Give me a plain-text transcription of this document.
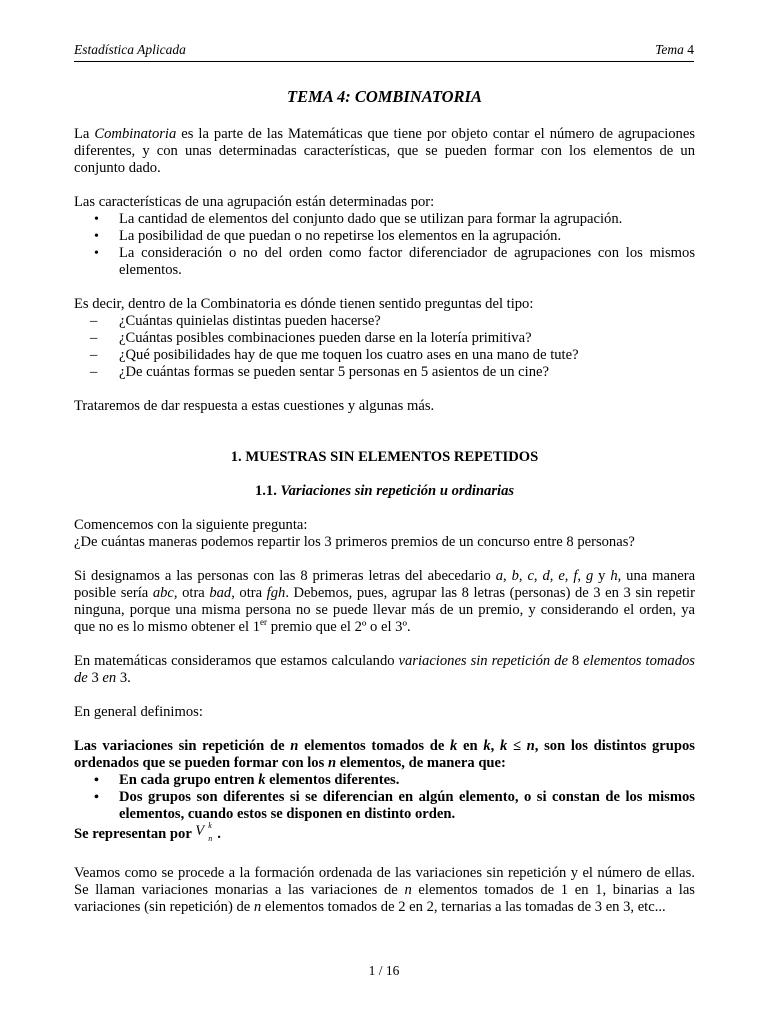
Estadística Aplicada	Tema 4
TEMA 4: COMBINATORIA

La Combinatoria es la parte de las Matemáticas que tiene por objeto contar el número de agrupaciones diferentes, y con unas determinadas características, que se pueden formar con los elementos de un conjunto dado.

Las características de una agrupación están determinadas por:

• La cantidad de elementos del conjunto dado que se utilizan para formar la agrupación.
• La posibilidad de que puedan o no repetirse los elementos en la agrupación.
• La consideración o no del orden como factor diferenciador de agrupaciones con los mismos elementos.

Es decir, dentro de la Combinatoria es dónde tienen sentido preguntas del tipo:

– ¿Cuántas quinielas distintas pueden hacerse?
– ¿Cuántas posibles combinaciones pueden darse en la lotería primitiva?
– ¿Qué posibilidades hay de que me toquen los cuatro ases en una mano de tute?
– ¿De cuántas formas se pueden sentar 5 personas en 5 asientos de un cine?

Trataremos de dar respuesta a estas cuestiones y algunas más.

1. MUESTRAS SIN ELEMENTOS REPETIDOS
1.1. Variaciones sin repetición u ordinarias

Comencemos con la siguiente pregunta:
¿De cuántas maneras podemos repartir los 3 primeros premios de un concurso entre 8 personas?

Si designamos a las personas con las 8 primeras letras del abecedario a, b, c, d, e, f, g y h, una manera posible sería abc, otra bad, otra fgh. Debemos, pues, agrupar las 8 letras (personas) de 3 en 3 sin repetir ninguna, porque una misma persona no se puede llevar más de un premio, y considerando el orden, ya que no es lo mismo obtener el 1er premio que el 2º o el 3º.

En matemáticas consideramos que estamos calculando variaciones sin repetición de 8 elementos tomados de 3 en 3.

En general definimos:

Las variaciones sin repetición de n elementos tomados de k en k, k ≤ n, son los distintos grupos ordenados que se pueden formar con los n elementos, de manera que:

• En cada grupo entren k elementos diferentes.
• Dos grupos son diferentes si se diferencian en algún elemento, o si constan de los mismos elementos, cuando estos se disponen en distinto orden.

Se representan por V k
n .

Veamos como se procede a la formación ordenada de las variaciones sin repetición y el número de ellas. Se llaman variaciones monarias a las variaciones de n elementos tomados de 1 en 1, binarias a las variaciones (sin repetición) de n elementos tomados de 2 en 2, ternarias a las tomadas de 3 en 3, etc...

1 / 16
